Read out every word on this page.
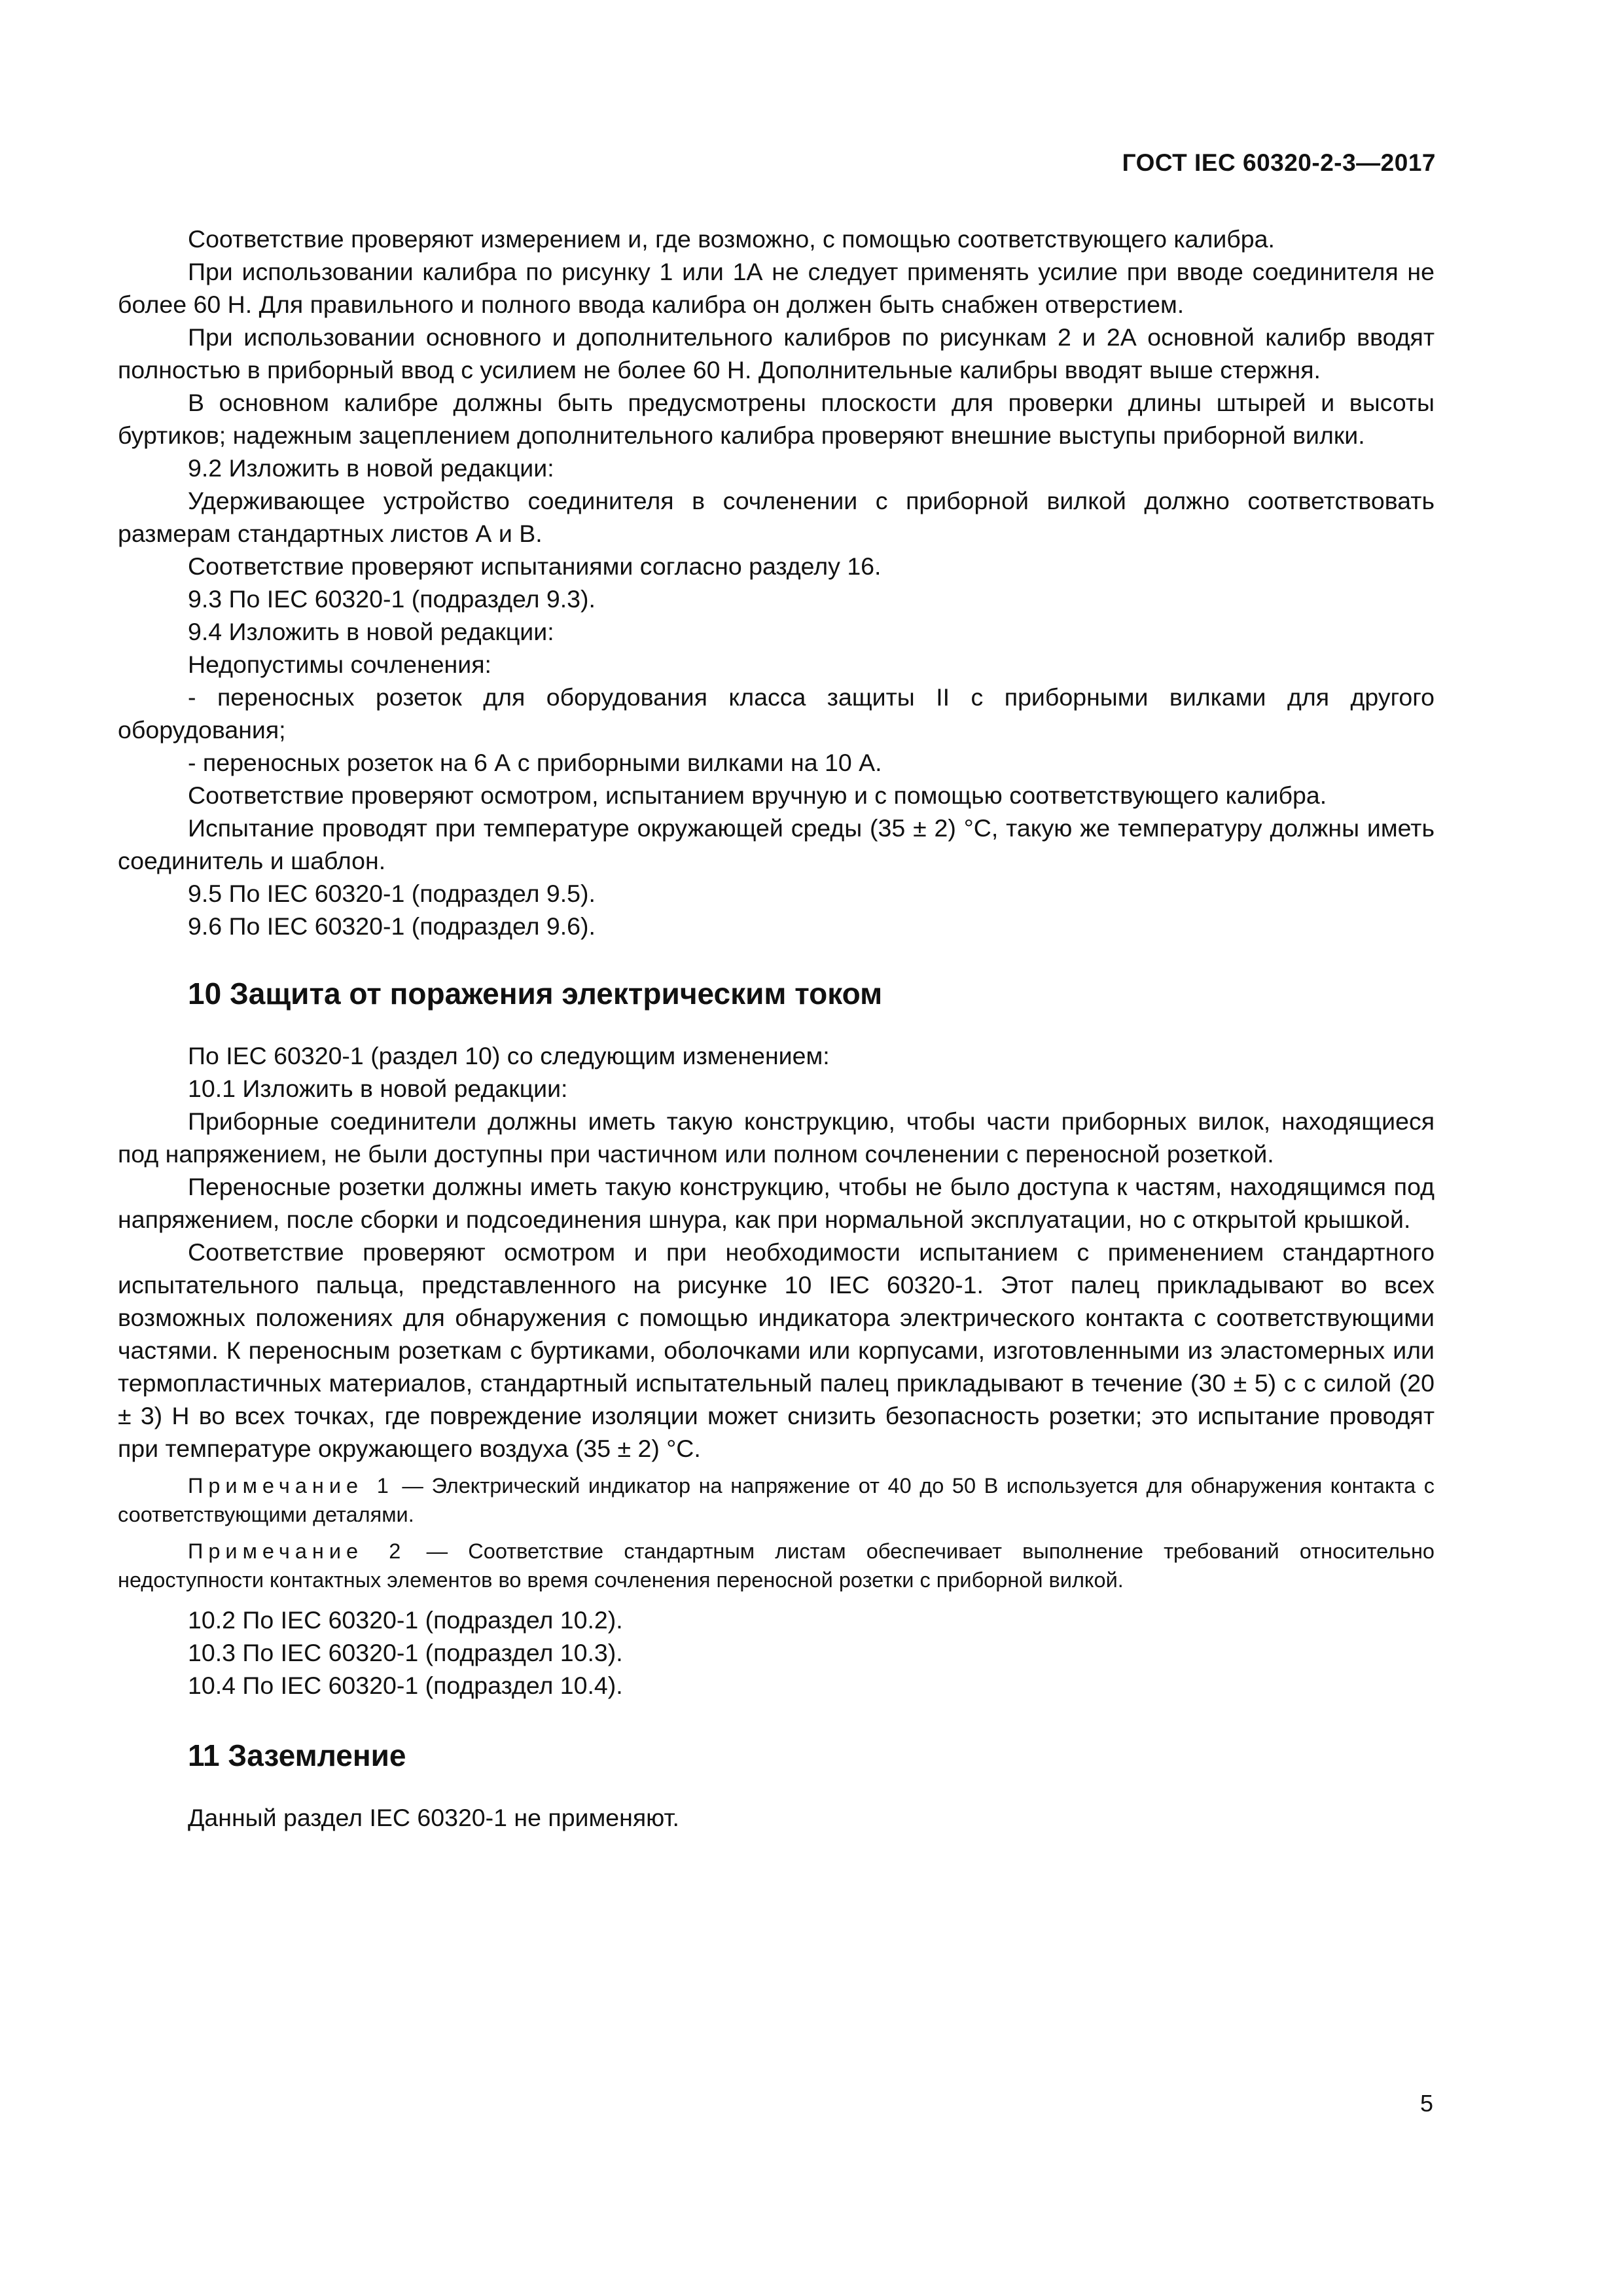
ГОСТ IEC 60320-2-3—2017

Соответствие проверяют измерением и, где возможно, с помощью соответствующего калибра.

При использовании калибра по рисунку 1 или 1А не следует применять усилие при вводе соединителя не более 60 Н. Для правильного и полного ввода калибра он должен быть снабжен отверстием.

При использовании основного и дополнительного калибров по рисункам 2 и 2А основной калибр вводят полностью в приборный ввод с усилием не более 60 Н. Дополнительные калибры вводят выше стержня.

В основном калибре должны быть предусмотрены плоскости для проверки длины штырей и высоты буртиков; надежным зацеплением дополнительного калибра проверяют внешние выступы приборной вилки.

9.2 Изложить в новой редакции:

Удерживающее устройство соединителя в сочленении с приборной вилкой должно соответствовать размерам стандартных листов А и В.

Соответствие проверяют испытаниями согласно разделу 16.

9.3 По IEC 60320-1 (подраздел 9.3).

9.4 Изложить в новой редакции:

Недопустимы сочленения:

- переносных розеток для оборудования класса защиты II с приборными вилками для другого оборудования;

- переносных розеток на 6 А с приборными вилками на 10 А.

Соответствие проверяют осмотром, испытанием вручную и с помощью соответствующего калибра.

Испытание проводят при температуре окружающей среды (35 ± 2) °С, такую же температуру должны иметь соединитель и шаблон.

9.5 По IEC 60320-1 (подраздел 9.5).

9.6 По IEC 60320-1 (подраздел 9.6).

10 Защита от поражения электрическим током

По IEC 60320-1 (раздел 10) со следующим изменением:

10.1 Изложить в новой редакции:

Приборные соединители должны иметь такую конструкцию, чтобы части приборных вилок, находящиеся под напряжением, не были доступны при частичном или полном сочленении с переносной розеткой.

Переносные розетки должны иметь такую конструкцию, чтобы не было доступа к частям, находящимся под напряжением, после сборки и подсоединения шнура, как при нормальной эксплуатации, но с открытой крышкой.

Соответствие проверяют осмотром и при необходимости испытанием с применением стандартного испытательного пальца, представленного на рисунке 10 IEC 60320-1. Этот палец прикладывают во всех возможных положениях для обнаружения с помощью индикатора электрического контакта с соответствующими частями. К переносным розеткам с буртиками, оболочками или корпусами, изготовленными из эластомерных или термопластичных материалов, стандартный испытательный палец прикладывают в течение (30 ± 5) с с силой (20 ± 3) Н во всех точках, где повреждение изоляции может снизить безопасность розетки; это испытание проводят при температуре окружающего воздуха (35 ± 2) °С.

Примечание 1 — Электрический индикатор на напряжение от 40 до 50 В используется для обнаружения контакта с соответствующими деталями.

Примечание 2 — Соответствие стандартным листам обеспечивает выполнение требований относительно недоступности контактных элементов во время сочленения переносной розетки с приборной вилкой.

10.2 По IEC 60320-1 (подраздел 10.2).

10.3 По IEC 60320-1 (подраздел 10.3).

10.4 По IEC 60320-1 (подраздел 10.4).

11 Заземление

Данный раздел IEC 60320-1 не применяют.

5
